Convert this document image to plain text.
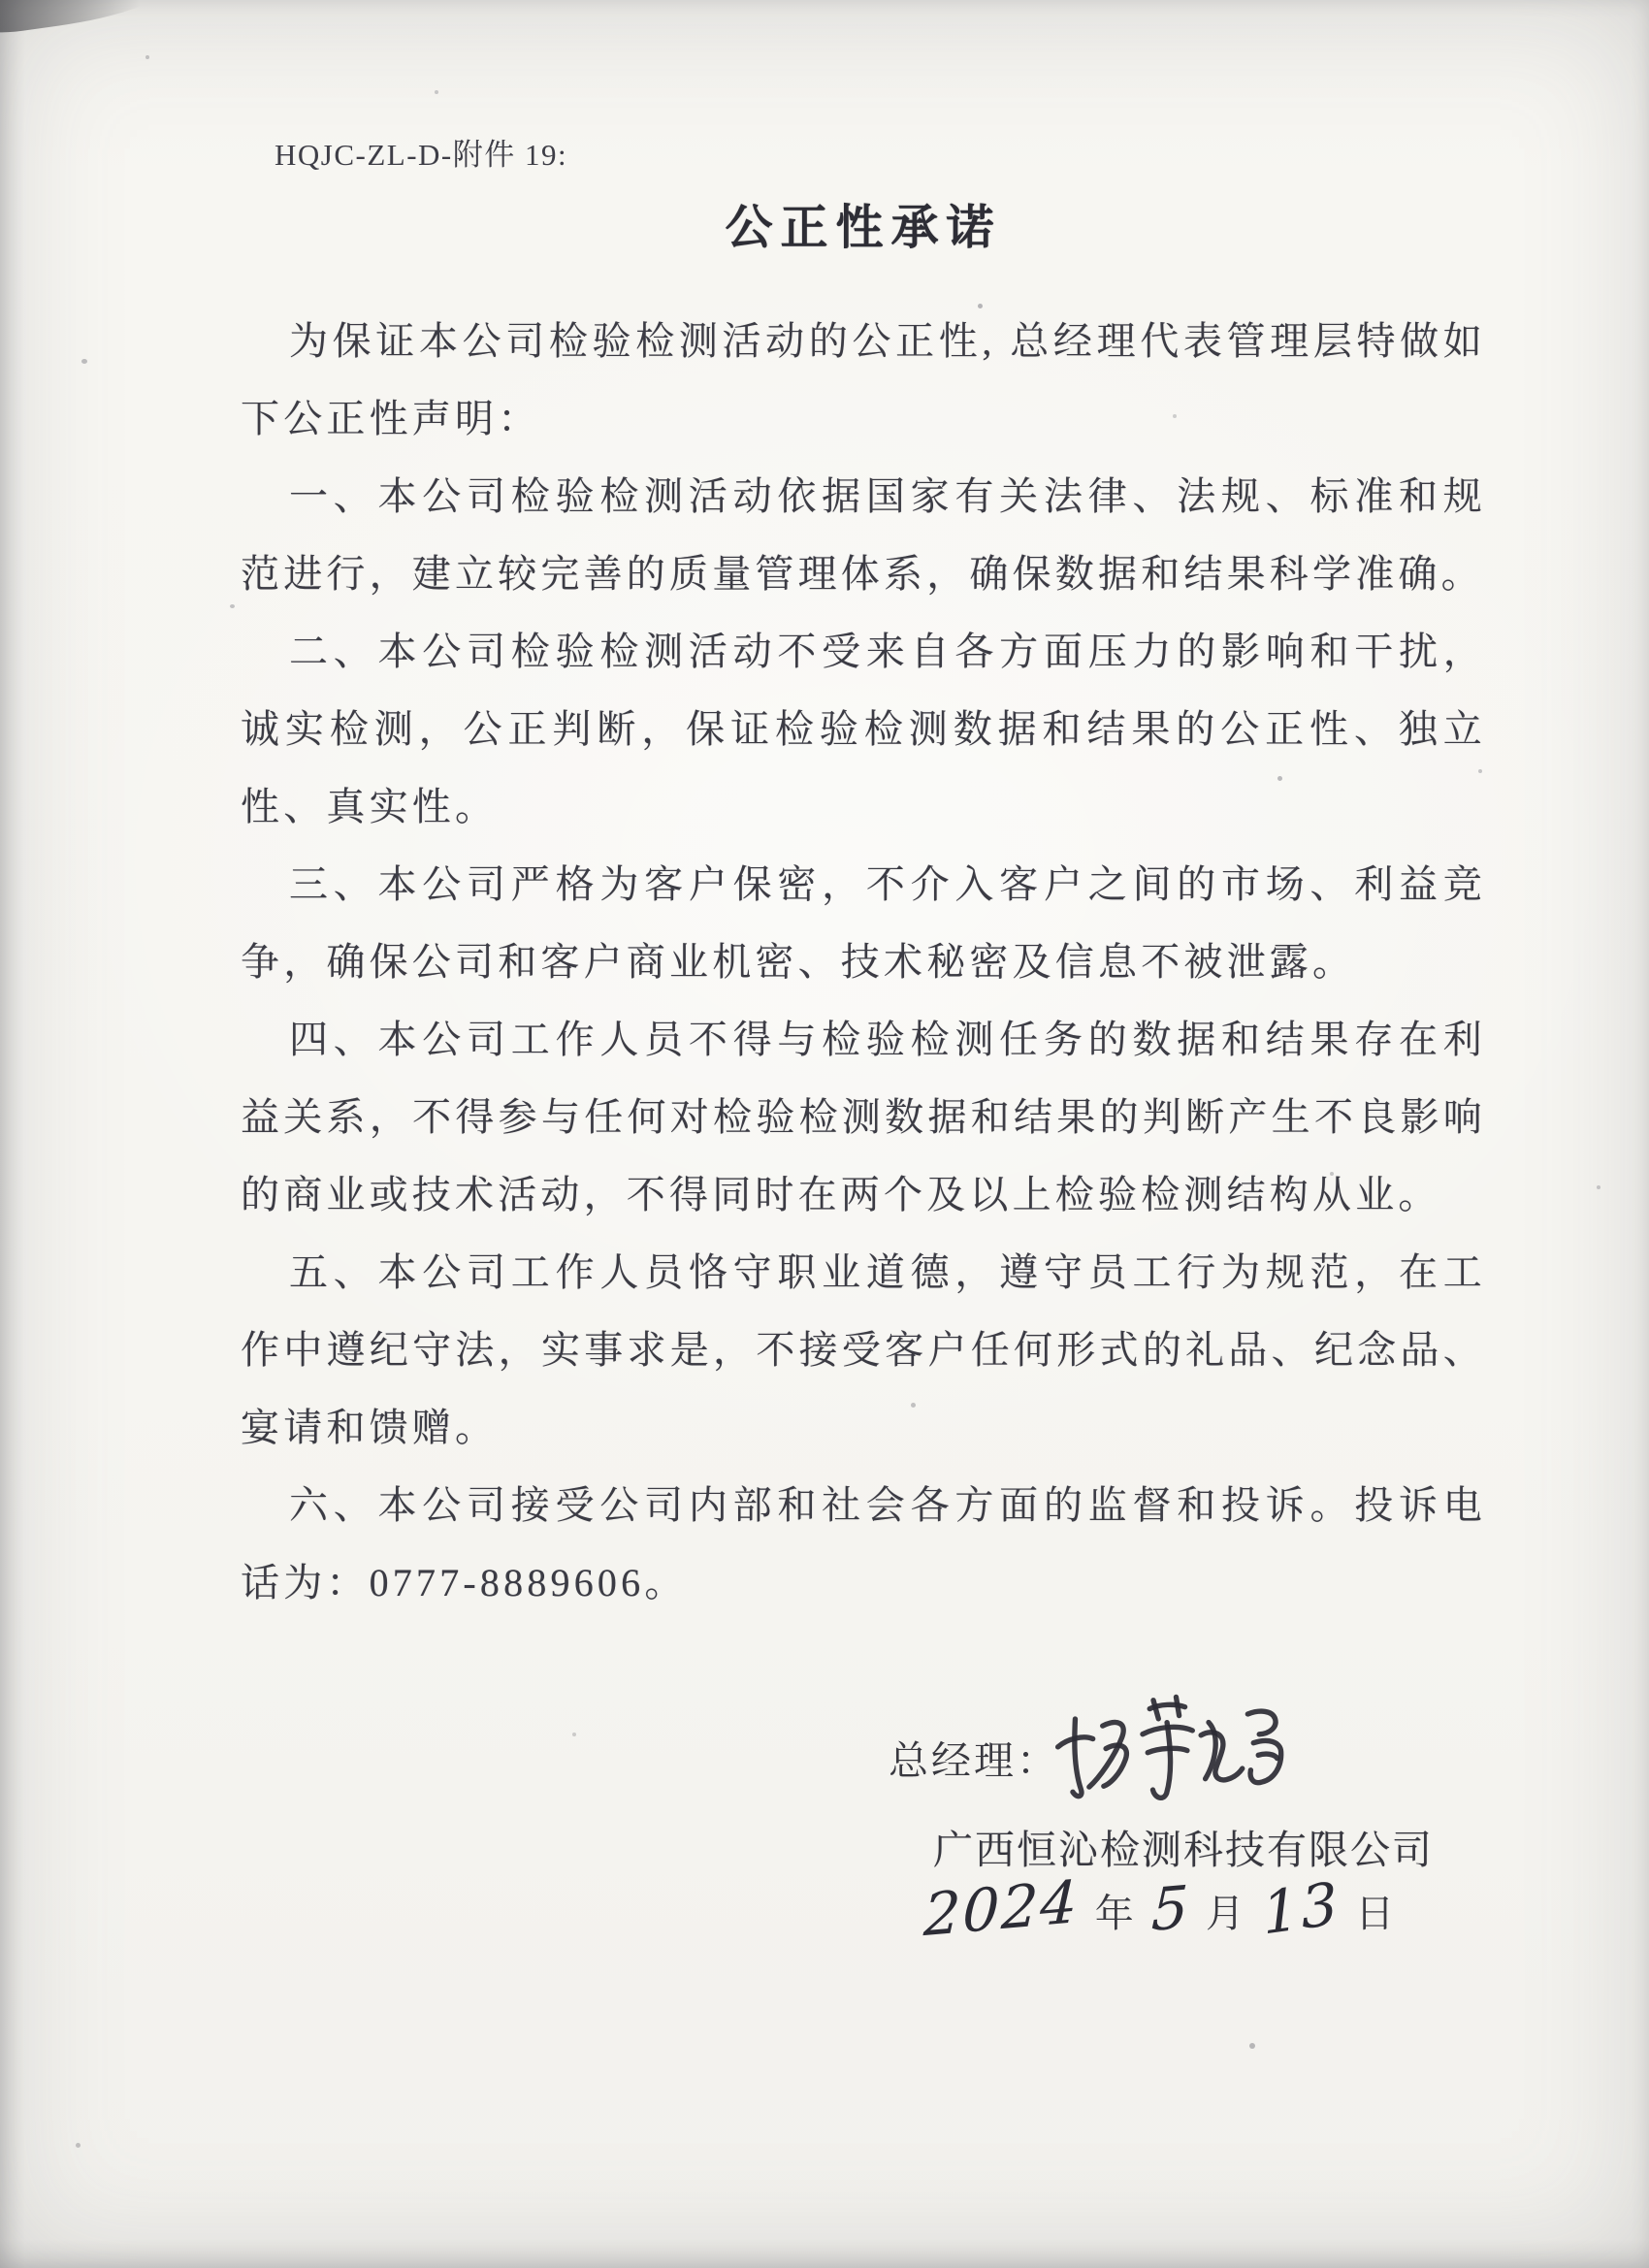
HQJC-ZL-D-附件 19:
公正性承诺

为保证本公司检验检测活动的公正性, 总经理代表管理层特做如下公正性声明：

一、本公司检验检测活动依据国家有关法律、法规、标准和规范进行，建立较完善的质量管理体系，确保数据和结果科学准确。

二、本公司检验检测活动不受来自各方面压力的影响和干扰，诚实检测，公正判断，保证检验检测数据和结果的公正性、独立性、真实性。

三、本公司严格为客户保密，不介入客户之间的市场、利益竞争，确保公司和客户商业机密、技术秘密及信息不被泄露。

四、本公司工作人员不得与检验检测任务的数据和结果存在利益关系，不得参与任何对检验检测数据和结果的判断产生不良影响的商业或技术活动，不得同时在两个及以上检验检测结构从业。

五、本公司工作人员恪守职业道德，遵守员工行为规范，在工作中遵纪守法，实事求是，不接受客户任何形式的礼品、纪念品、宴请和馈赠。

六、本公司接受公司内部和社会各方面的监督和投诉。投诉电话为：0777-8889606。

总经理：
广西恒沁检测科技有限公司
2024 年 5 月 13 日
